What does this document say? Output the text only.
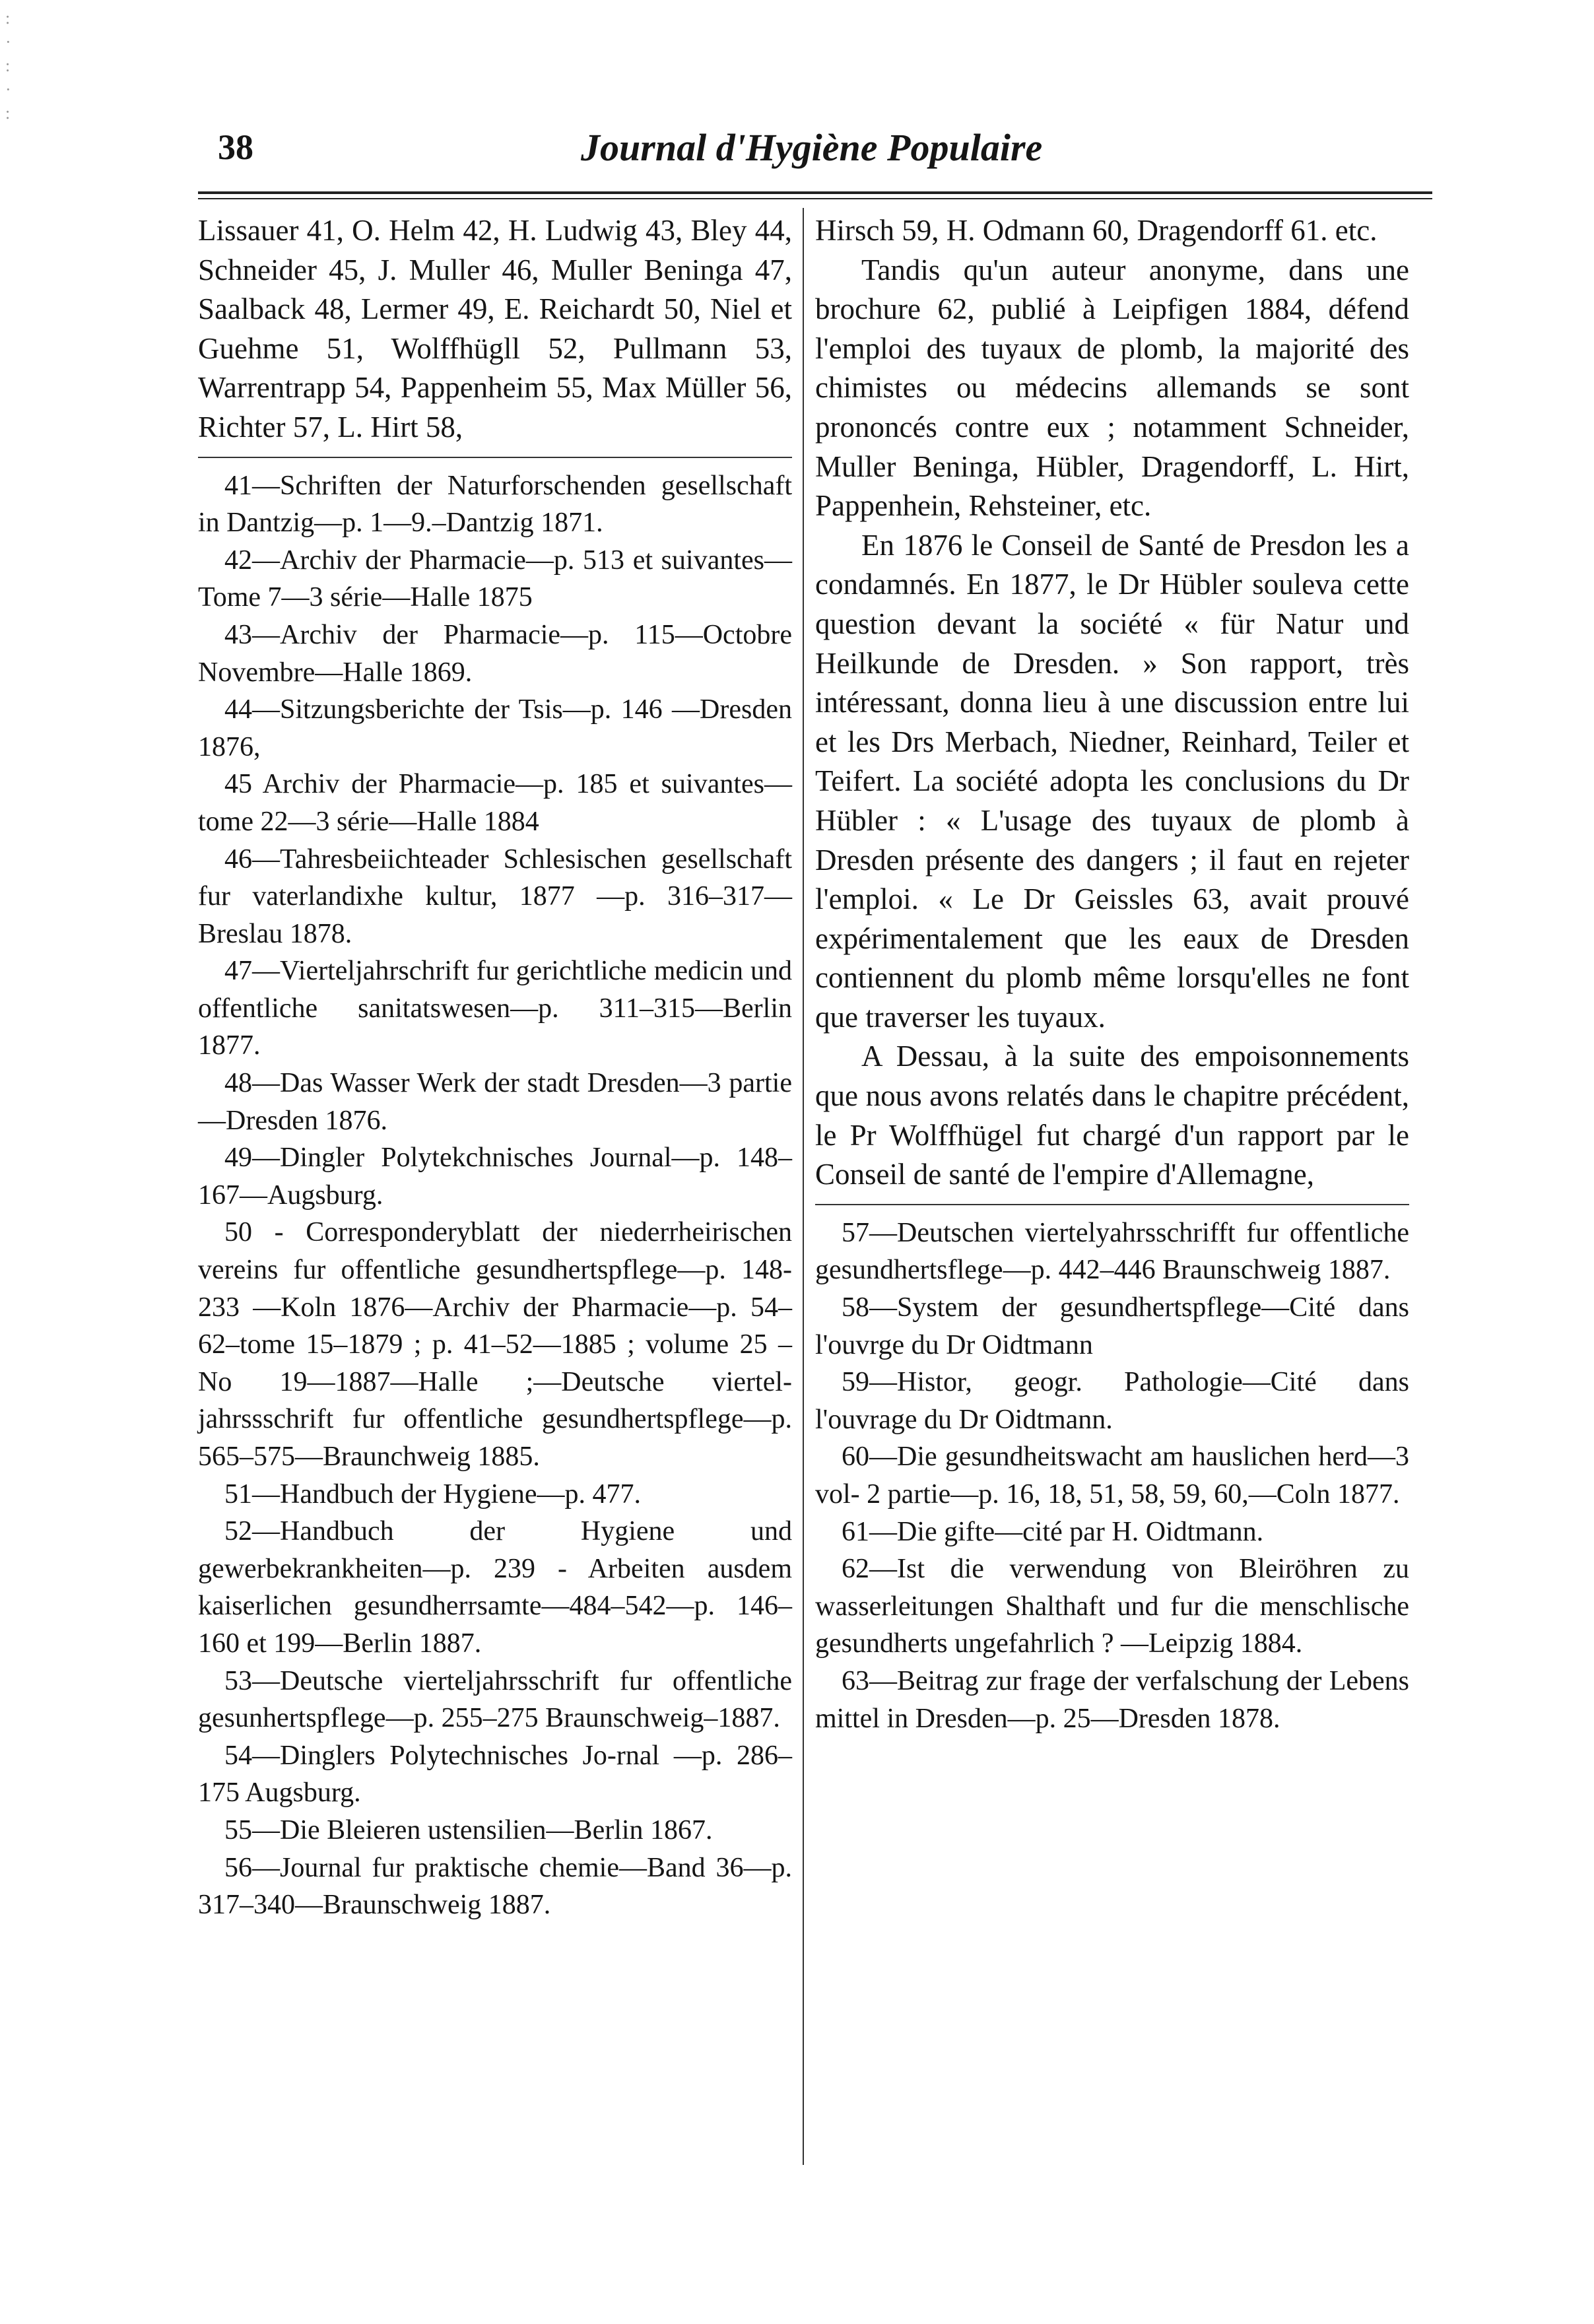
:
·
:
·
:
38	Journal d'Hygiène Populaire

Lissauer 41, O. Helm 42, H. Ludwig 43, Bley 44, Schneider 45, J. Muller 46, Muller Beninga 47, Saalback 48, Lermer 49, E. Reichardt 50, Niel et Guehme 51, Wolffhügll 52, Pullmann 53, Warrentrapp 54, Pappenheim 55, Max Müller 56, Richter 57, L. Hirt 58,

41—Schriften der Naturforschenden gesellschaft in Dantzig—p. 1—9.–Dantzig 1871.

42—Archiv der Pharmacie—p. 513 et suivantes—Tome 7—3 série—Halle 1875

43—Archiv der Pharmacie—p. 115—Octobre Novembre—Halle 1869.

44—Sitzungsberichte der Tsis—p. 146 —Dresden 1876,

45 Archiv der Pharmacie—p. 185 et suivantes—tome 22—3 série—Halle 1884

46—Tahresbeiichteader Schlesischen gesellschaft fur vaterlandixhe kultur, 1877 —p. 316–317—Breslau 1878.

47—Vierteljahrschrift fur gerichtliche medicin und offentliche sanitatswesen—p. 311–315—Berlin 1877.

48—Das Wasser Werk der stadt Dresden—3 partie—Dresden 1876.

49—Dingler Polytekchnisches Journal—p. 148–167—Augsburg.

50 - Corresponderyblatt der niederrheirischen vereins fur offentliche gesundhertspflege—p. 148-233 —Koln 1876—Archiv der Pharmacie—p. 54–62–tome 15–1879 ; p. 41–52—1885 ; volume 25 – No 19—1887—Halle ;—Deutsche viertel-jahrssschrift fur offentliche gesundhertspflege—p. 565–575—Braunchweig 1885.

51—Handbuch der Hygiene—p. 477.

52—Handbuch der Hygiene und gewerbekrankheiten—p. 239 - Arbeiten ausdem kaiserlichen gesundherrsamte—484–542—p. 146–160 et 199—Berlin 1887.

53—Deutsche vierteljahrsschrift fur offentliche gesunhertspflege—p. 255–275 Braunschweig–1887.

54—Dinglers Polytechnisches Jo-rnal —p. 286–175 Augsburg.

55—Die Bleieren ustensilien—Berlin 1867.

56—Journal fur praktische chemie—Band 36—p. 317–340—Braunschweig 1887.

Hirsch 59, H. Odmann 60, Dragendorff 61. etc.

Tandis qu'un auteur anonyme, dans une brochure 62, publié à Leipfigen 1884, défend l'emploi des tuyaux de plomb, la majorité des chimistes ou médecins allemands se sont prononcés contre eux ; notamment Schneider, Muller Beninga, Hübler, Dragendorff, L. Hirt, Pappenhein, Rehsteiner, etc.

En 1876 le Conseil de Santé de Presdon les a condamnés. En 1877, le Dr Hübler souleva cette question devant la société « für Natur und Heilkunde de Dresden. » Son rapport, très intéressant, donna lieu à une discussion entre lui et les Drs Merbach, Niedner, Reinhard, Teiler et Teifert. La société adopta les conclusions du Dr Hübler : « L'usage des tuyaux de plomb à Dresden présente des dangers ; il faut en rejeter l'emploi. « Le Dr Geissles 63, avait prouvé expérimentalement que les eaux de Dresden contiennent du plomb même lorsqu'elles ne font que traverser les tuyaux.

A Dessau, à la suite des empoisonnements que nous avons relatés dans le chapitre précédent, le Pr Wolffhügel fut chargé d'un rapport par le Conseil de santé de l'empire d'Allemagne,

57—Deutschen viertelyahrsschrifft fur offentliche gesundhertsflege—p. 442–446 Braunschweig 1887.

58—System der gesundhertspflege—Cité dans l'ouvrge du Dr Oidtmann

59—Histor, geogr. Pathologie—Cité dans l'ouvrage du Dr Oidtmann.

60—Die gesundheitswacht am hauslichen herd—3 vol- 2 partie—p. 16, 18, 51, 58, 59, 60,—Coln 1877.

61—Die gifte—cité par H. Oidtmann.

62—Ist die verwendung von Bleiröhren zu wasserleitungen Shalthaft und fur die menschlische gesundherts ungefahrlich ? —Leipzig 1884.

63—Beitrag zur frage der verfalschung der Lebens mittel in Dresden—p. 25—Dresden 1878.
